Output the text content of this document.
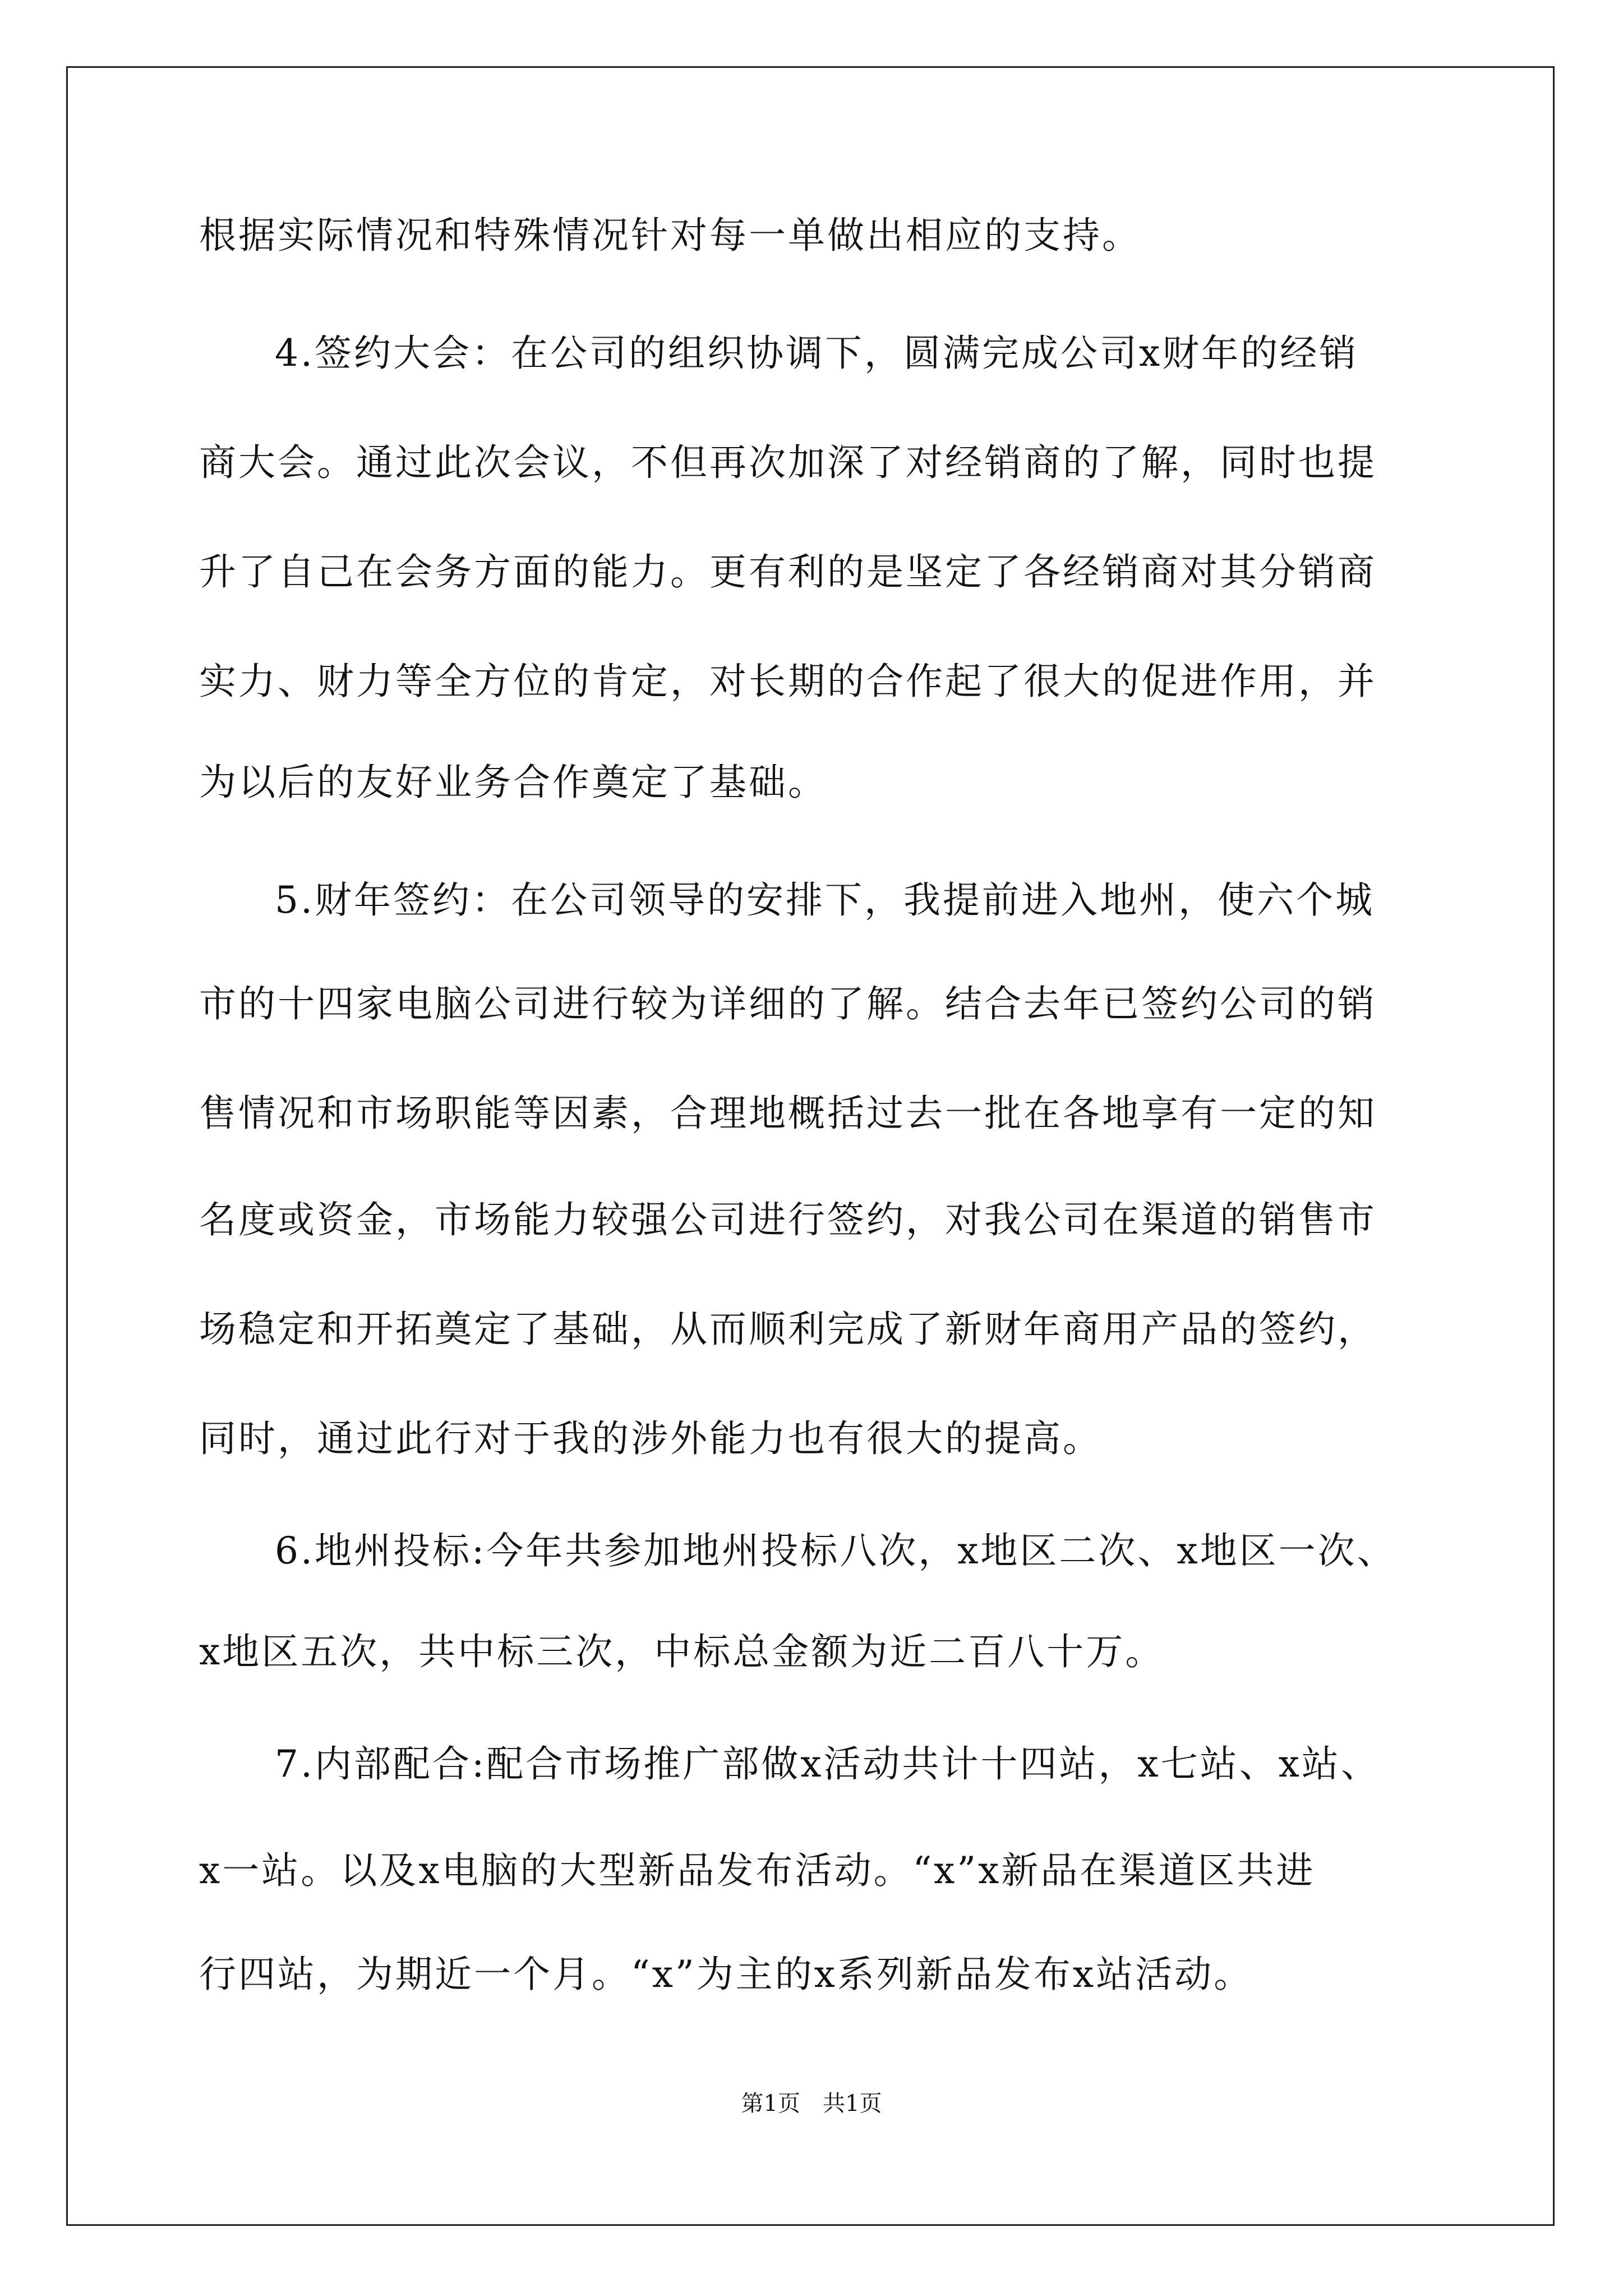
根据实际情况和特殊情况针对每一单做出相应的支持。
4.签约大会：在公司的组织协调下，圆满完成公司x财年的经销
商大会。通过此次会议，不但再次加深了对经销商的了解，同时也提
升了自己在会务方面的能力。更有利的是坚定了各经销商对其分销商
实力、财力等全方位的肯定，对长期的合作起了很大的促进作用，并
为以后的友好业务合作奠定了基础。
5.财年签约：在公司领导的安排下，我提前进入地州，使六个城
市的十四家电脑公司进行较为详细的了解。结合去年已签约公司的销
售情况和市场职能等因素，合理地概括过去一批在各地享有一定的知
名度或资金，市场能力较强公司进行签约，对我公司在渠道的销售市
场稳定和开拓奠定了基础，从而顺利完成了新财年商用产品的签约，
同时，通过此行对于我的涉外能力也有很大的提高。
6.地州投标:今年共参加地州投标八次，x地区二次、x地区一次、
x地区五次，共中标三次，中标总金额为近二百八十万。
7.内部配合:配合市场推广部做x活动共计十四站，x七站、x站、
x一站。以及x电脑的大型新品发布活动。“x”x新品在渠道区共进
行四站，为期近一个月。“x”为主的x系列新品发布x站活动。
第1页　共1页
